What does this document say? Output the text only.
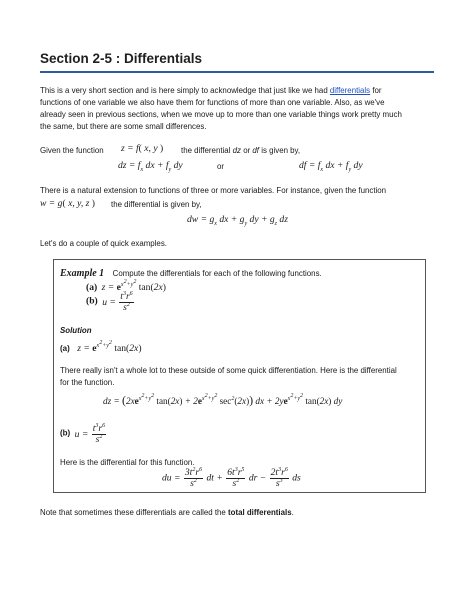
Section 2-5 : Differentials
This is a very short section and is here simply to acknowledge that just like we had differentials for
functions of one variable we also have them for functions of more than one variable. Also, as we've
already seen in previous sections, when we move up to more than one variable things work pretty much
the same, but there are some small differences.
Given the function z = f( x, y ) the differential dz or df is given by,
dz = $f_x$ dx + $f_y$ dy	or	df = $f_x$ dx + $f_y$ dy
There is a natural extension to functions of three or more variables. For instance, given the function
w = g( x, y, z ) the differential is given by,
dw = $g_x$ dx + $g_y$ dy + $g_z$ dz
Let's do a couple of quick examples.
Example 1 Compute the differentials for each of the following functions.
(a) $z = e^{x^2+y^2}$ tan(2x)
(b) $u = \frac{t^3r^6}{s^2}$
Solution
(a) $z = e^{x^2+y^2}$ tan(2x)
There really isn't a whole lot to these outside of some quick differentiation. Here is the differential
for the function.
dz = ($2xe^{x^2+y^2}$ $\tan(2x) + 2e^{x^2+y^2}$ $\sec^2(2x)$) dx + $2ye^{x^2+y^2}$ tan(2x) dy
(b) $u = \frac{t^3r^6}{s^2}$
Here is the differential for this function.
du = $\frac{3t^2r^6}{s^2}$ dt + $\frac{6t^3r^5}{s^2}$ dr − $\frac{2t^3r^6}{s^3}$ ds
Note that sometimes these differentials are called the total differentials.
